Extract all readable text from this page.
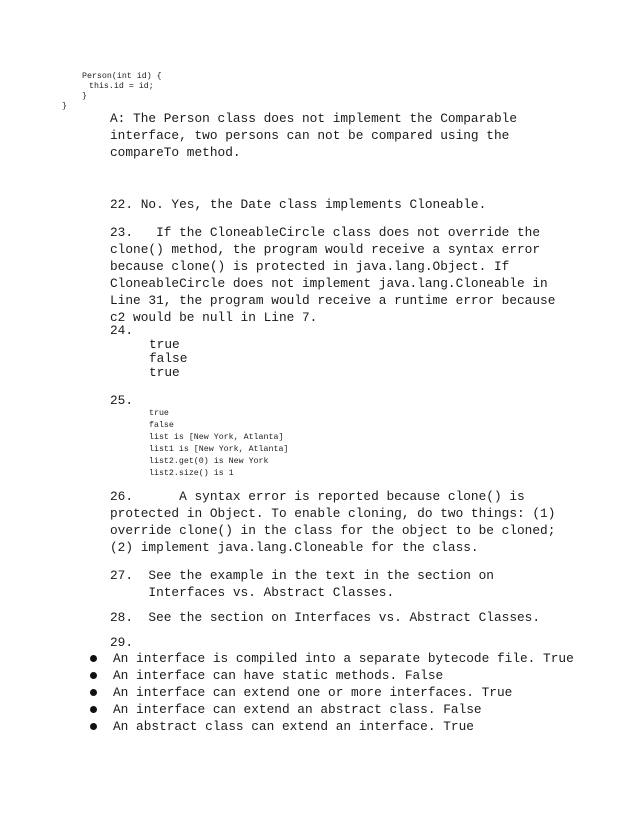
Person(int id) {
this.id = id;
}
}
A: The Person class does not implement the Comparable
interface, two persons can not be compared using the
compareTo method.
22. No. Yes, the Date class implements Cloneable.
23.   If the CloneableCircle class does not override the
clone() method, the program would receive a syntax error
because clone() is protected in java.lang.Object. If
CloneableCircle does not implement java.lang.Cloneable in
Line 31, the program would receive a runtime error because
c2 would be null in Line 7.
24.
true
false
true
25.
true
false
list is [New York, Atlanta]
list1 is [New York, Atlanta]
list2.get(0) is New York
list2.size() is 1
26.      A syntax error is reported because clone() is
protected in Object. To enable cloning, do two things: (1)
override clone() in the class for the object to be cloned;
(2) implement java.lang.Cloneable for the class.
27.  See the example in the text in the section on
Interfaces vs. Abstract Classes.
28.  See the section on Interfaces vs. Abstract Classes.
29.

An interface is compiled into a separate bytecode file. True

An interface can have static methods. False

An interface can extend one or more interfaces. True

An interface can extend an abstract class. False

An abstract class can extend an interface. True
